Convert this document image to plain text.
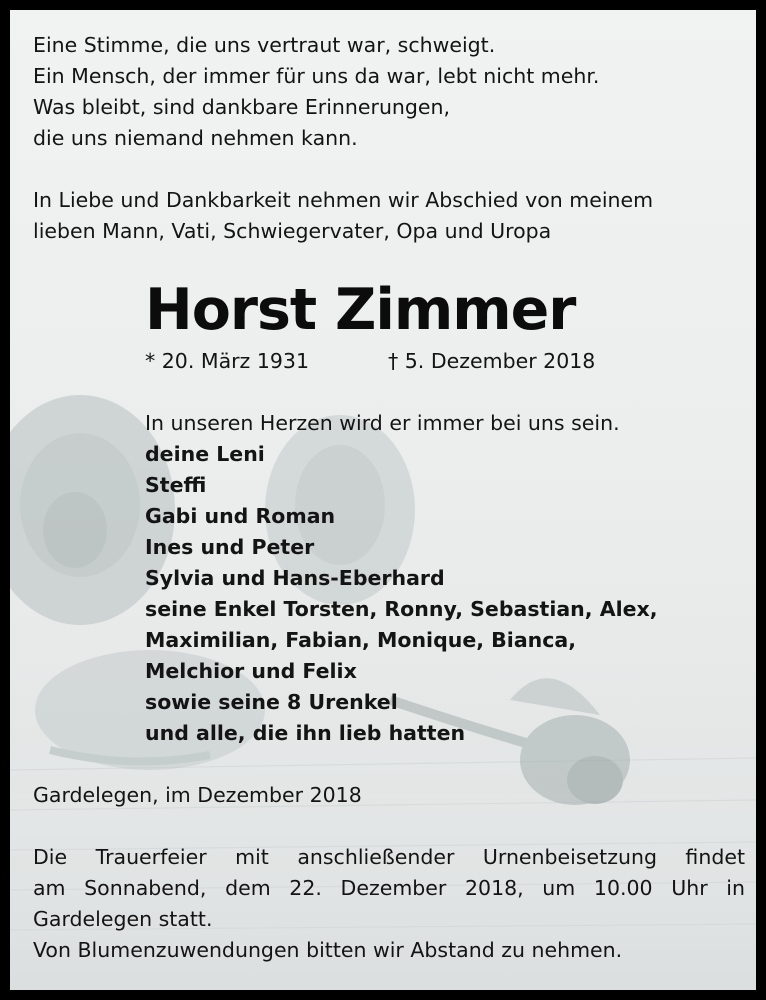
Eine Stimme, die uns vertraut war, schweigt.

Ein Mensch, der immer für uns da war, lebt nicht mehr.

Was bleibt, sind dankbare Erinnerungen,

die uns niemand nehmen kann.

In Liebe und Dankbarkeit nehmen wir Abschied von meinem

lieben Mann, Vati, Schwiegervater, Opa und Uropa

Horst Zimmer

* 20. März 1931	† 5. Dezember 2018

In unseren Herzen wird er immer bei uns sein.

deine Leni

Steffi

Gabi und Roman

Ines und Peter

Sylvia und Hans-Eberhard

seine Enkel Torsten, Ronny, Sebastian, Alex,

Maximilian, Fabian, Monique, Bianca,

Melchior und Felix

sowie seine 8 Urenkel

und alle, die ihn lieb hatten

Gardelegen, im Dezember 2018

Die Trauerfeier mit anschließender Urnenbeisetzung findet
am Sonnabend, dem 22. Dezember 2018, um 10.00 Uhr in
Gardelegen statt.
Von Blumenzuwendungen bitten wir Abstand zu nehmen.
